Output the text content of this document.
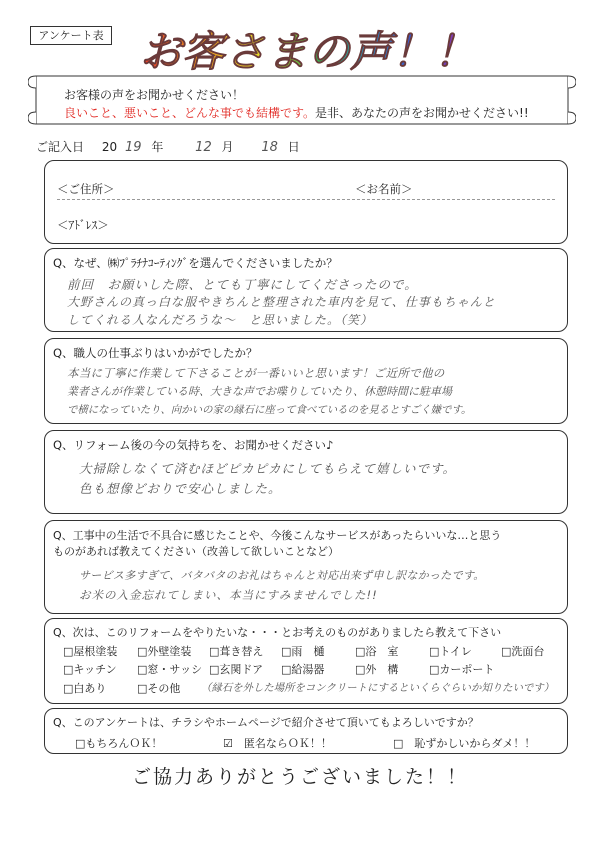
アンケート表 お客さまの声！！
お客様の声をお聞かせください！
良いこと、悪いこと、どんな事でも結構です。是非、あなたの声をお聞かせください!!
ご記入日 20 19 年 12 月 18 日
＜ご住所＞	＜お名前＞
＜ｱﾄﾞﾚｽ＞
Q、なぜ、㈱ﾌﾟﾗﾁﾅｺｰﾃｨﾝｸﾞを選んでくださいましたか？
前回　お願いした際、とても丁寧にしてくださったので。
大野さんの真っ白な服やきちんと整理された車内を見て、仕事もちゃんと
してくれる人なんだろうな～　と思いました。（笑）
Q、職人の仕事ぶりはいかがでしたか？
本当に丁寧に作業して下さることが一番いいと思います！ご近所で他の
業者さんが作業している時、大きな声でお喋りしていたり、休憩時間に駐車場
で横になっていたり、向かいの家の縁石に座って食べているのを見るとすごく嫌です。
Q、リフォーム後の今の気持ちを、お聞かせください♪
大掃除しなくて済むほどピカピカにしてもらえて嬉しいです。
色も想像どおりで安心しました。
Q、工事中の生活で不具合に感じたことや、今後こんなサービスがあったらいいな…と思う
ものがあれば教えてください（改善して欲しいことなど）
サービス多すぎて、バタバタのお礼はちゃんと対応出来ず申し訳なかったです。
お米の入金忘れてしまい、本当にすみませんでした!!
Q、次は、このリフォームをやりたいな・・・とお考えのものがありましたら教えて下さい
□屋根塗装 □外壁塗装 □葺き替え □雨　樋	□浴　室	□トイレ	□洗面台
□キッチン □窓・サッシ □玄関ドア □給湯器	□外　構	□カーポート
□白あり	□その他 （縁石を外した場所をコンクリートにするといくらぐらいか知りたいです）
Q、このアンケートは、チラシやホームページで紹介させて頂いてもよろしいですか？
□もちろんＯＫ！	☑　匿名ならＯＫ！！	□　恥ずかしいからダメ！！
ご協力ありがとうございました！！
